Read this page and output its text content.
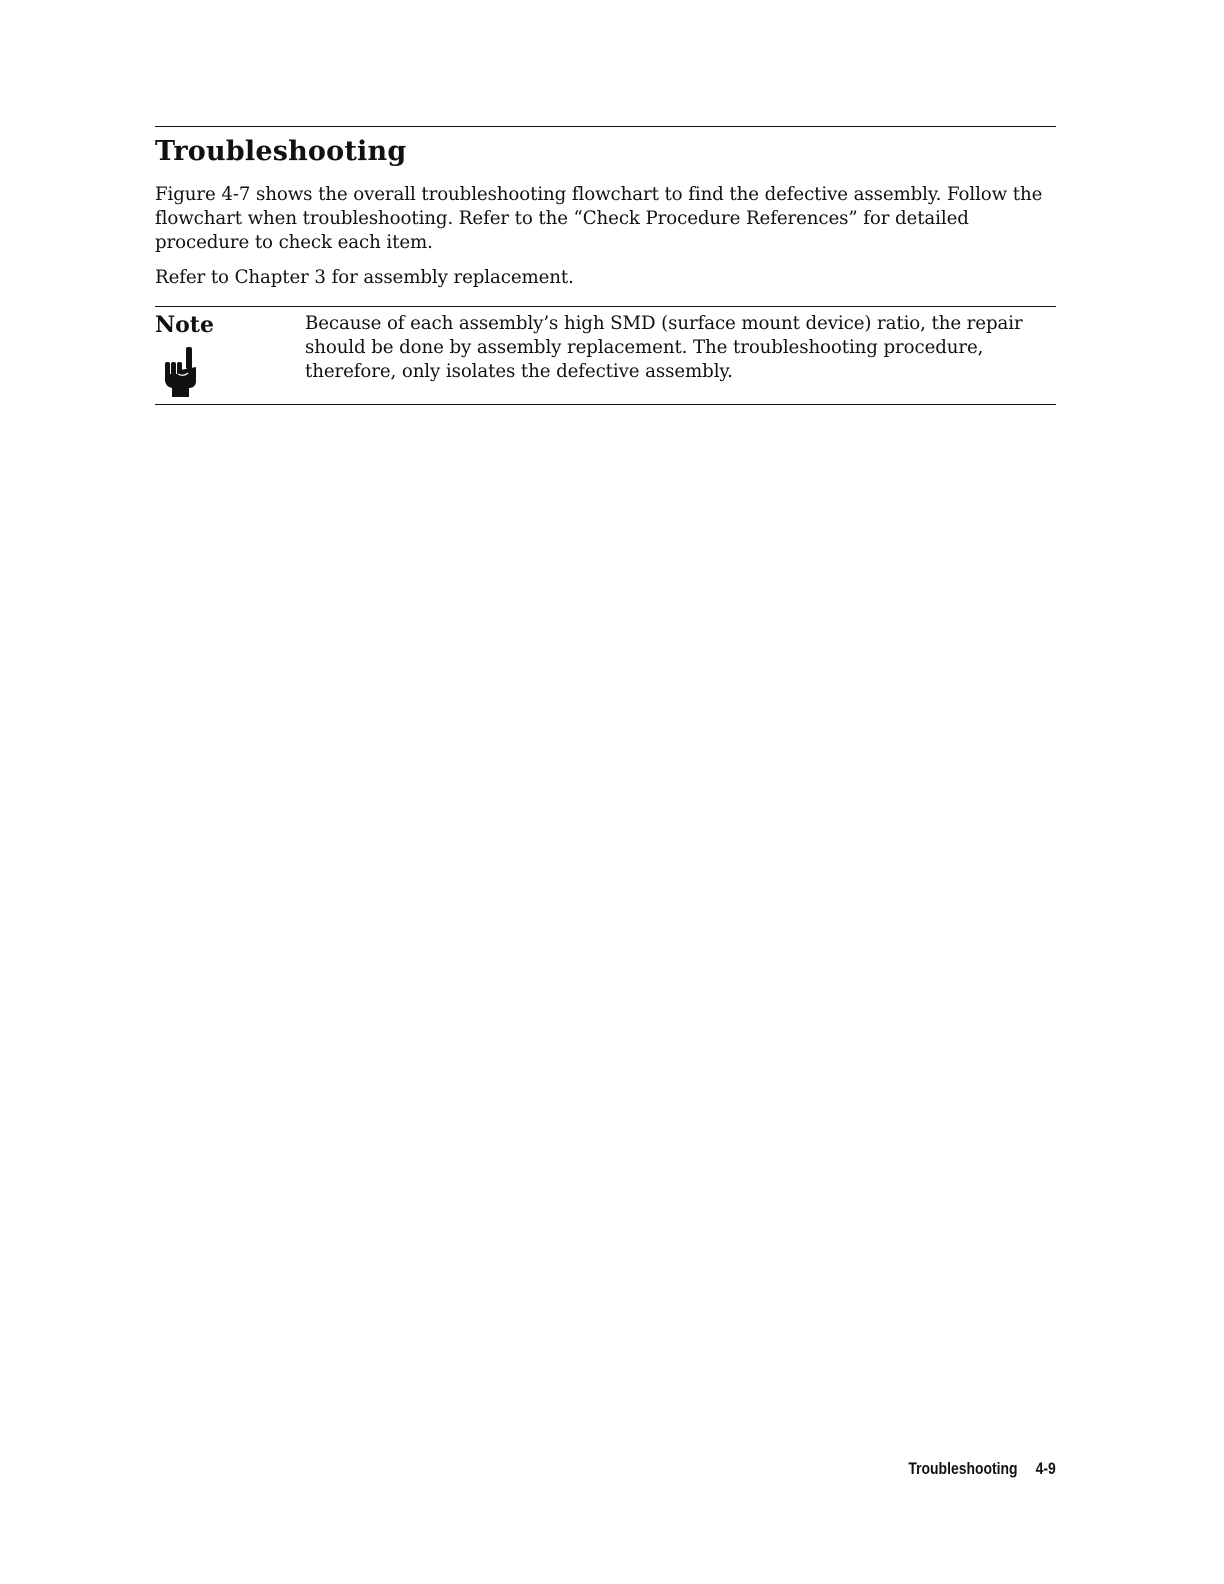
Troubleshooting

Figure 4-7 shows the overall troubleshooting flowchart to find the defective assembly. Follow the flowchart when troubleshooting. Refer to the “Check Procedure References” for detailed procedure to check each item.

Refer to Chapter 3 for assembly replacement.

Note	Because of each assembly’s high SMD (surface mount device) ratio, the repair should be done by assembly replacement. The troubleshooting procedure, therefore, only isolates the defective assembly.
Troubleshooting 4-9
